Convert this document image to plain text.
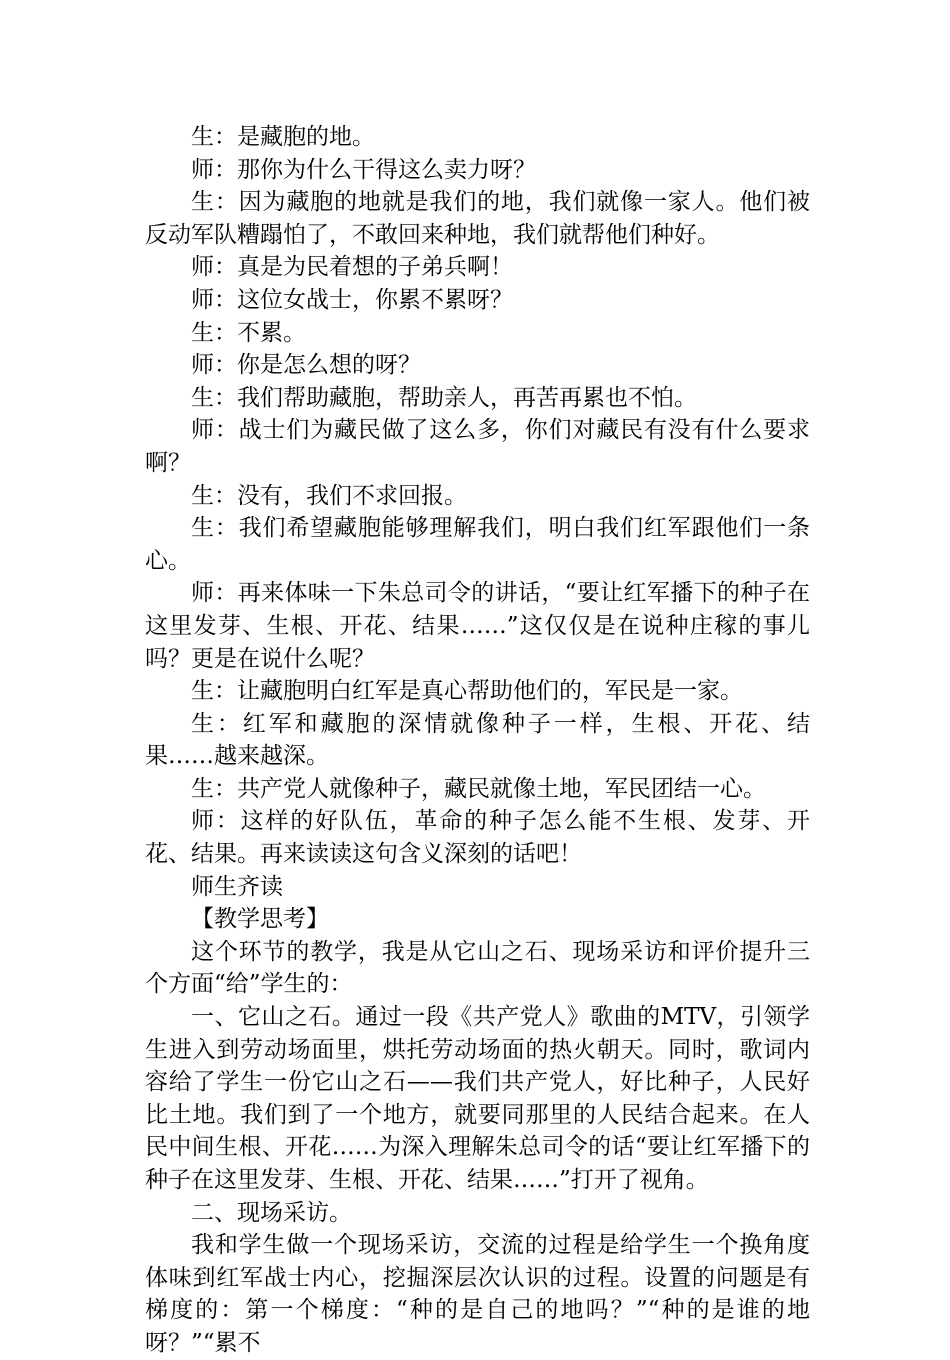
生：是藏胞的地。

师：那你为什么干得这么卖力呀？

生：因为藏胞的地就是我们的地，我们就像一家人。他们被反动军队糟蹋怕了，不敢回来种地，我们就帮他们种好。

师：真是为民着想的子弟兵啊！

师：这位女战士，你累不累呀？

生：不累。

师：你是怎么想的呀？

生：我们帮助藏胞，帮助亲人，再苦再累也不怕。

师：战士们为藏民做了这么多，你们对藏民有没有什么要求啊？

生：没有，我们不求回报。

生：我们希望藏胞能够理解我们，明白我们红军跟他们一条心。

师：再来体味一下朱总司令的讲话，“要让红军播下的种子在这里发芽、生根、开花、结果……”这仅仅是在说种庄稼的事儿吗？更是在说什么呢？

生：让藏胞明白红军是真心帮助他们的，军民是一家。

生：红军和藏胞的深情就像种子一样，生根、开花、结果……越来越深。

生：共产党人就像种子，藏民就像土地，军民团结一心。

师：这样的好队伍，革命的种子怎么能不生根、发芽、开花、结果。再来读读这句含义深刻的话吧！

师生齐读

【教学思考】

这个环节的教学，我是从它山之石、现场采访和评价提升三个方面“给”学生的：

一、它山之石。通过一段《共产党人》歌曲的MTV，引领学生进入到劳动场面里，烘托劳动场面的热火朝天。同时，歌词内容给了学生一份它山之石——我们共产党人，好比种子，人民好比土地。我们到了一个地方，就要同那里的人民结合起来。在人民中间生根、开花……为深入理解朱总司令的话“要让红军播下的种子在这里发芽、生根、开花、结果……”打开了视角。

二、现场采访。

我和学生做一个现场采访，交流的过程是给学生一个换角度体味到红军战士内心，挖掘深层次认识的过程。设置的问题是有梯度的：第一个梯度：“种的是自己的地吗？”“种的是谁的地呀？”“累不
